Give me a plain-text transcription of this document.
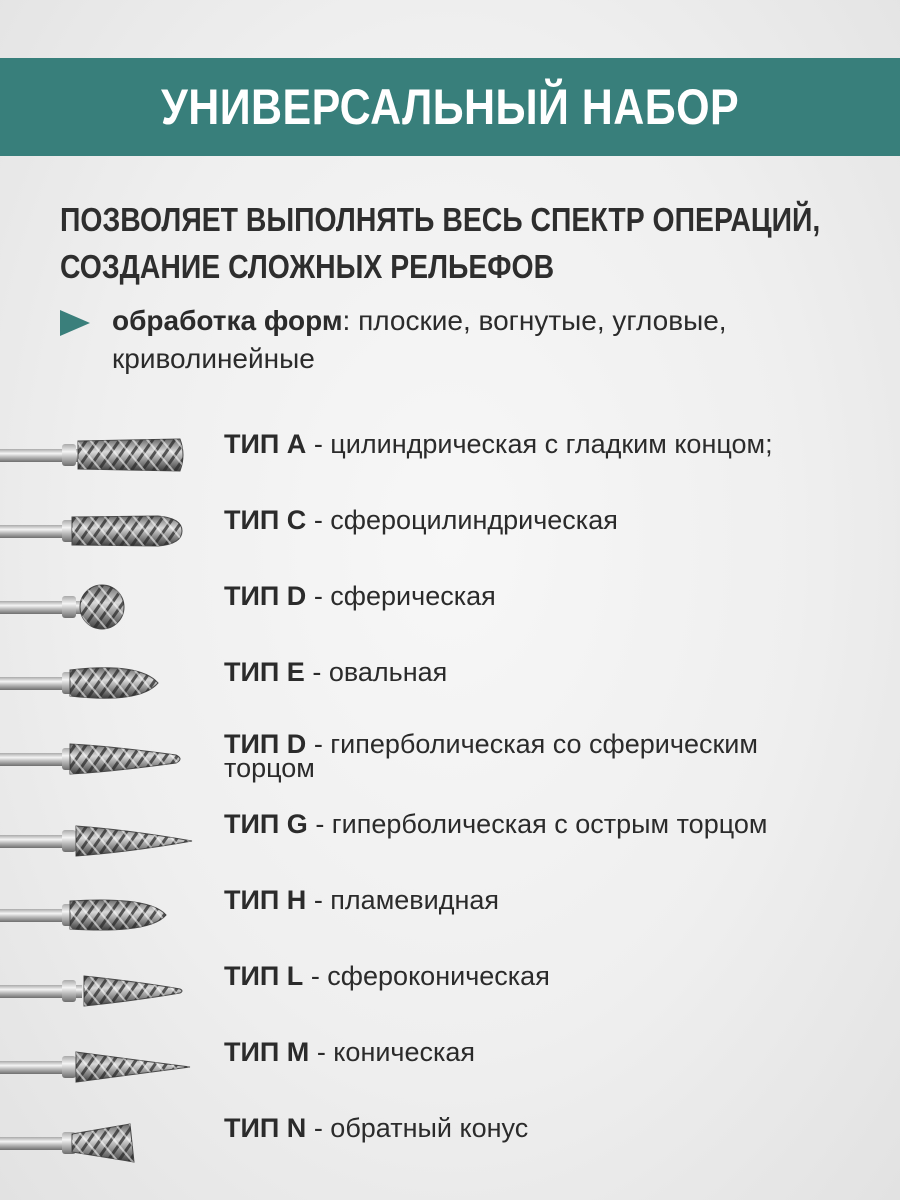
УНИВЕРСАЛЬНЫЙ НАБОР
ПОЗВОЛЯЕТ ВЫПОЛНЯТЬ ВЕСЬ СПЕКТР ОПЕРАЦИЙ,
СОЗДАНИЕ СЛОЖНЫХ РЕЛЬЕФОВ
обработка форм: плоские, вогнутые, угловые,
криволинейные
ТИП А - цилиндрическая с гладким концом;
ТИП С - сфероцилиндрическая
ТИП D - сферическая
ТИП E - овальная
ТИП D - гиперболическая со сферическим
торцом
ТИП G - гиперболическая с острым торцом
ТИП H - пламевидная
ТИП L - сфероконическая
ТИП M - коническая
ТИП N - обратный конус
